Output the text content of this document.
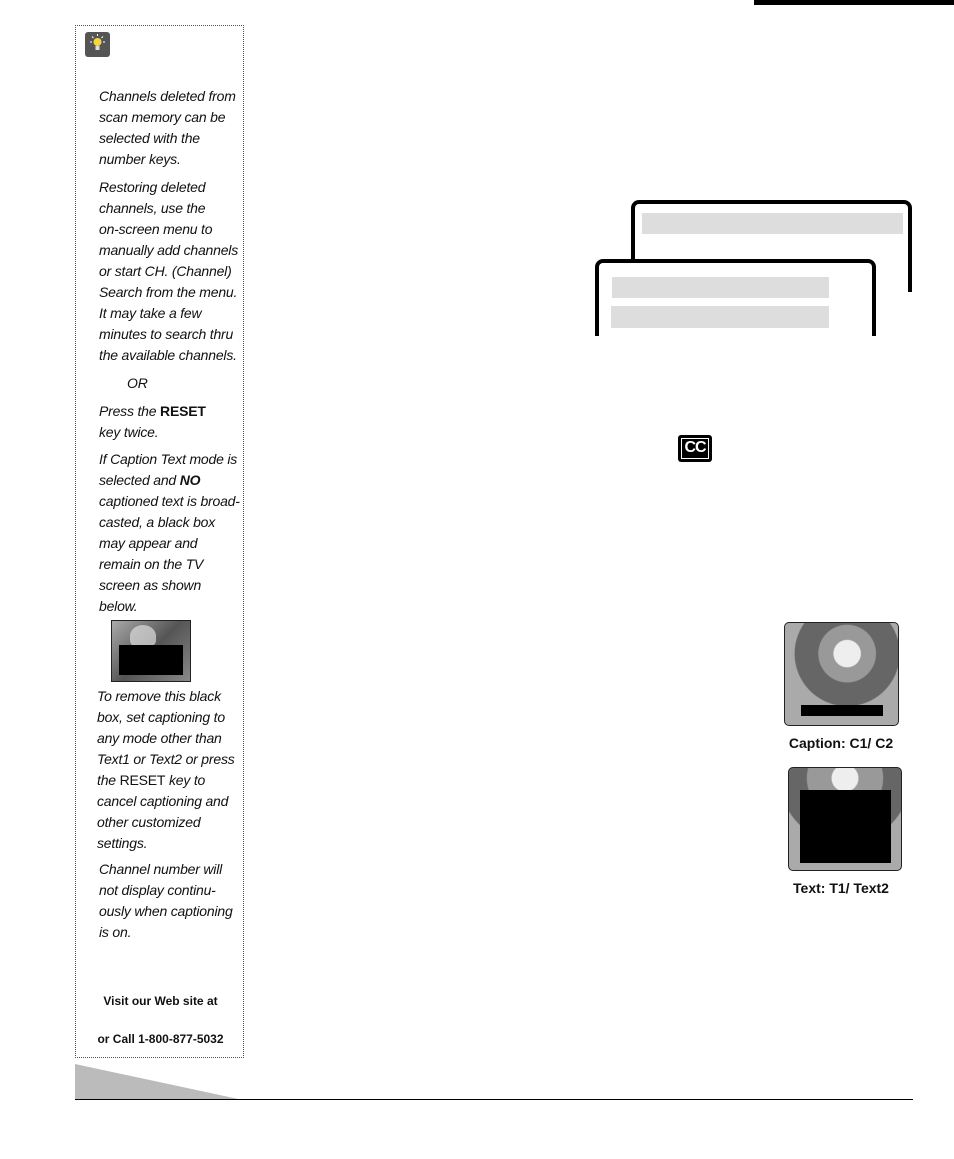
Channels deleted from
scan memory can be
selected with the
number keys.

Restoring deleted
channels, use the
on-screen menu to
manually add channels
or start CH. (Channel)
Search from the menu.
It may take a few
minutes to search thru
the available channels.

OR

Press the RESET
key twice.

If Caption Text mode is
selected and NO
captioned text is broad-
casted, a black box
may appear and
remain on the TV
screen as shown
below.

To remove this black
box, set captioning to
any mode other than
Text1 or Text2 or press
the RESET key to
cancel captioning and
other customized
settings.

Channel number will
not display continu-
ously when captioning
is on.

Visit our Web site at
or Call 1-800-877-5032
CC
Caption: C1/ C2
Text: T1/ Text2
